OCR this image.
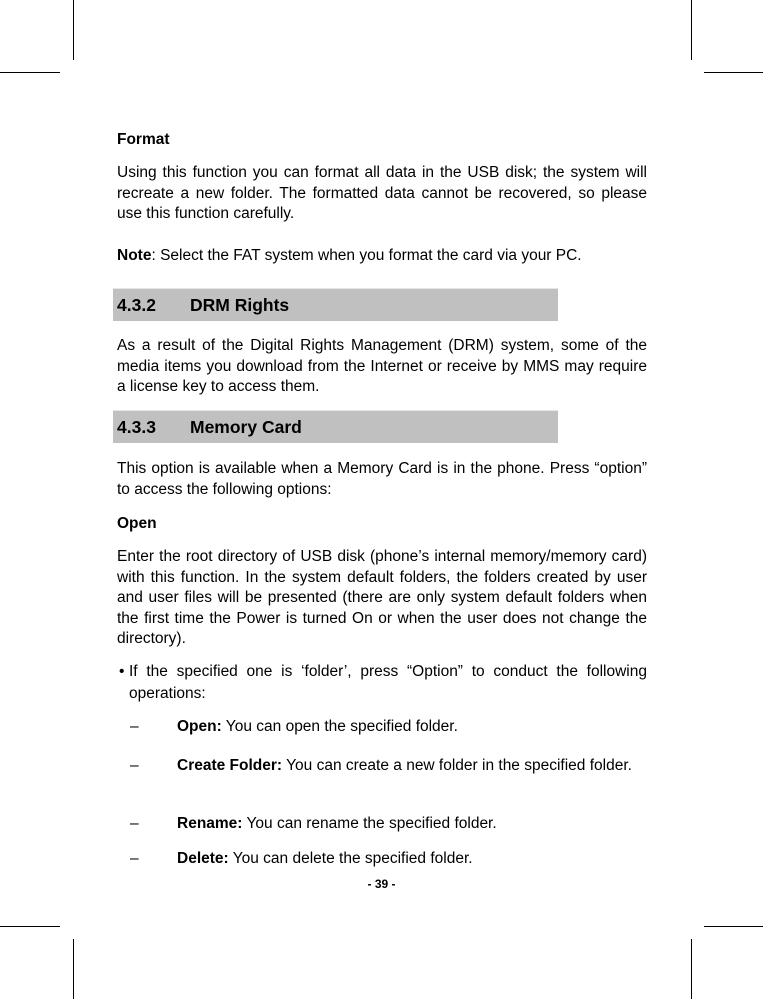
Format

Using this function you can format all data in the USB disk; the system will recreate a new folder. The formatted data cannot be recovered, so please use this function carefully.

Note: Select the FAT system when you format the card via your PC.

4.3.2 DRM Rights

As a result of the Digital Rights Management (DRM) system, some of the media items you download from the Internet or receive by MMS may require a license key to access them.

4.3.3 Memory Card

This option is available when a Memory Card is in the phone. Press “option” to access the following options:

Open

Enter the root directory of USB disk (phone’s internal memory/memory card) with this function. In the system default folders, the folders created by user and user files will be presented (there are only system default folders when the first time the Power is turned On or when the user does not change the directory).

• If the specified one is ‘folder’, press “Option” to conduct the following operations:
– Open: You can open the specified folder.
– Create Folder: You can create a new folder in the specified folder.
– Rename: You can rename the specified folder.
– Delete: You can delete the specified folder.
- 39 -
